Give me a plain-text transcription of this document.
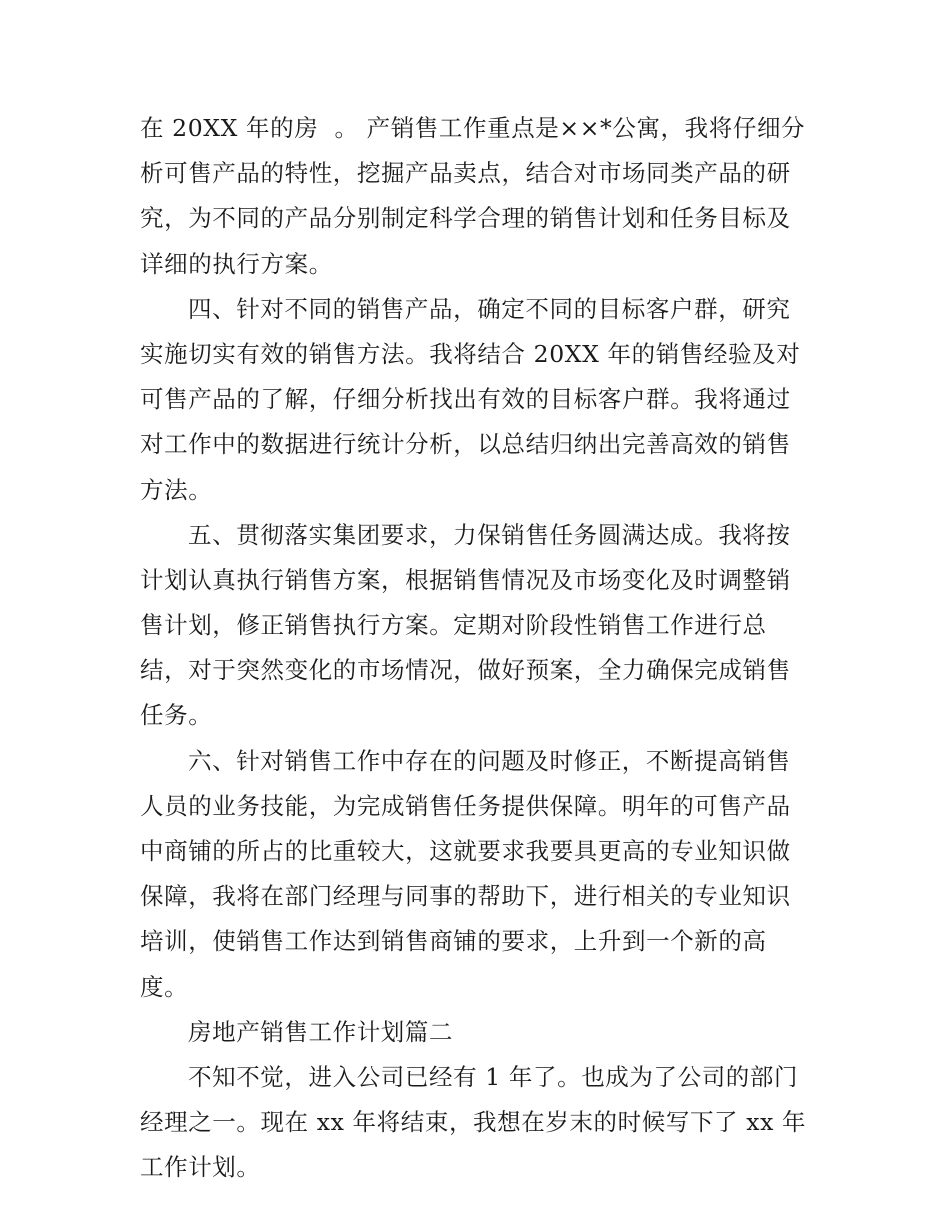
在 20XX 年的房  。 产销售工作重点是××*公寓，我将仔细分
析可售产品的特性，挖掘产品卖点，结合对市场同类产品的研
究，为不同的产品分别制定科学合理的销售计划和任务目标及
详细的执行方案。
四、针对不同的销售产品，确定不同的目标客户群，研究
实施切实有效的销售方法。我将结合 20XX 年的销售经验及对
可售产品的了解，仔细分析找出有效的目标客户群。我将通过
对工作中的数据进行统计分析，以总结归纳出完善高效的销售
方法。
五、贯彻落实集团要求，力保销售任务圆满达成。我将按
计划认真执行销售方案，根据销售情况及市场变化及时调整销
售计划，修正销售执行方案。定期对阶段性销售工作进行总
结，对于突然变化的市场情况，做好预案，全力确保完成销售
任务。
六、针对销售工作中存在的问题及时修正，不断提高销售
人员的业务技能，为完成销售任务提供保障。明年的可售产品
中商铺的所占的比重较大，这就要求我要具更高的专业知识做
保障，我将在部门经理与同事的帮助下，进行相关的专业知识
培训，使销售工作达到销售商铺的要求，上升到一个新的高
度。
房地产销售工作计划篇二
不知不觉，进入公司已经有 1 年了。也成为了公司的部门
经理之一。现在 xx 年将结束，我想在岁末的时候写下了 xx 年
工作计划。
